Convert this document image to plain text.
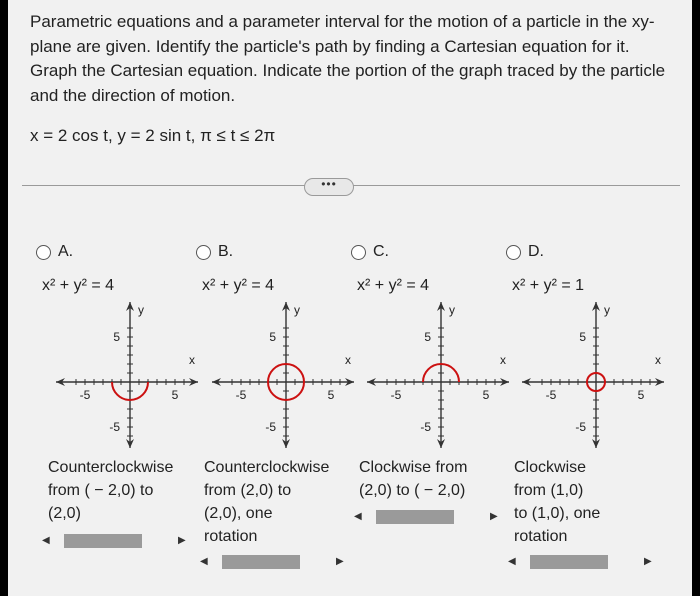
Parametric equations and a parameter interval for the motion of a particle in the xy-plane are given. Identify the particle's path by finding a Cartesian equation for it. Graph the Cartesian equation. Indicate the portion of the graph traced by the particle and the direction of motion.
x = 2 cos t, y = 2 sin t, π ≤ t ≤ 2π
•••
A.
x² + y² = 4
B.
x² + y² = 4
C.
x² + y² = 4
D.
x² + y² = 1
y
x
5
-5
-5	5
y
x
5
-5
-5	5
y
x
5
-5
-5	5
y
x
5
-5
-5	5
Counterclockwise
from ( − 2,0) to
(2,0)
Counterclockwise
from (2,0) to
(2,0), one
rotation
Clockwise from
(2,0) to ( − 2,0)
Clockwise
from (1,0)
to (1,0), one
rotation
◀	▶
◀	▶
◀	▶
◀	▶
